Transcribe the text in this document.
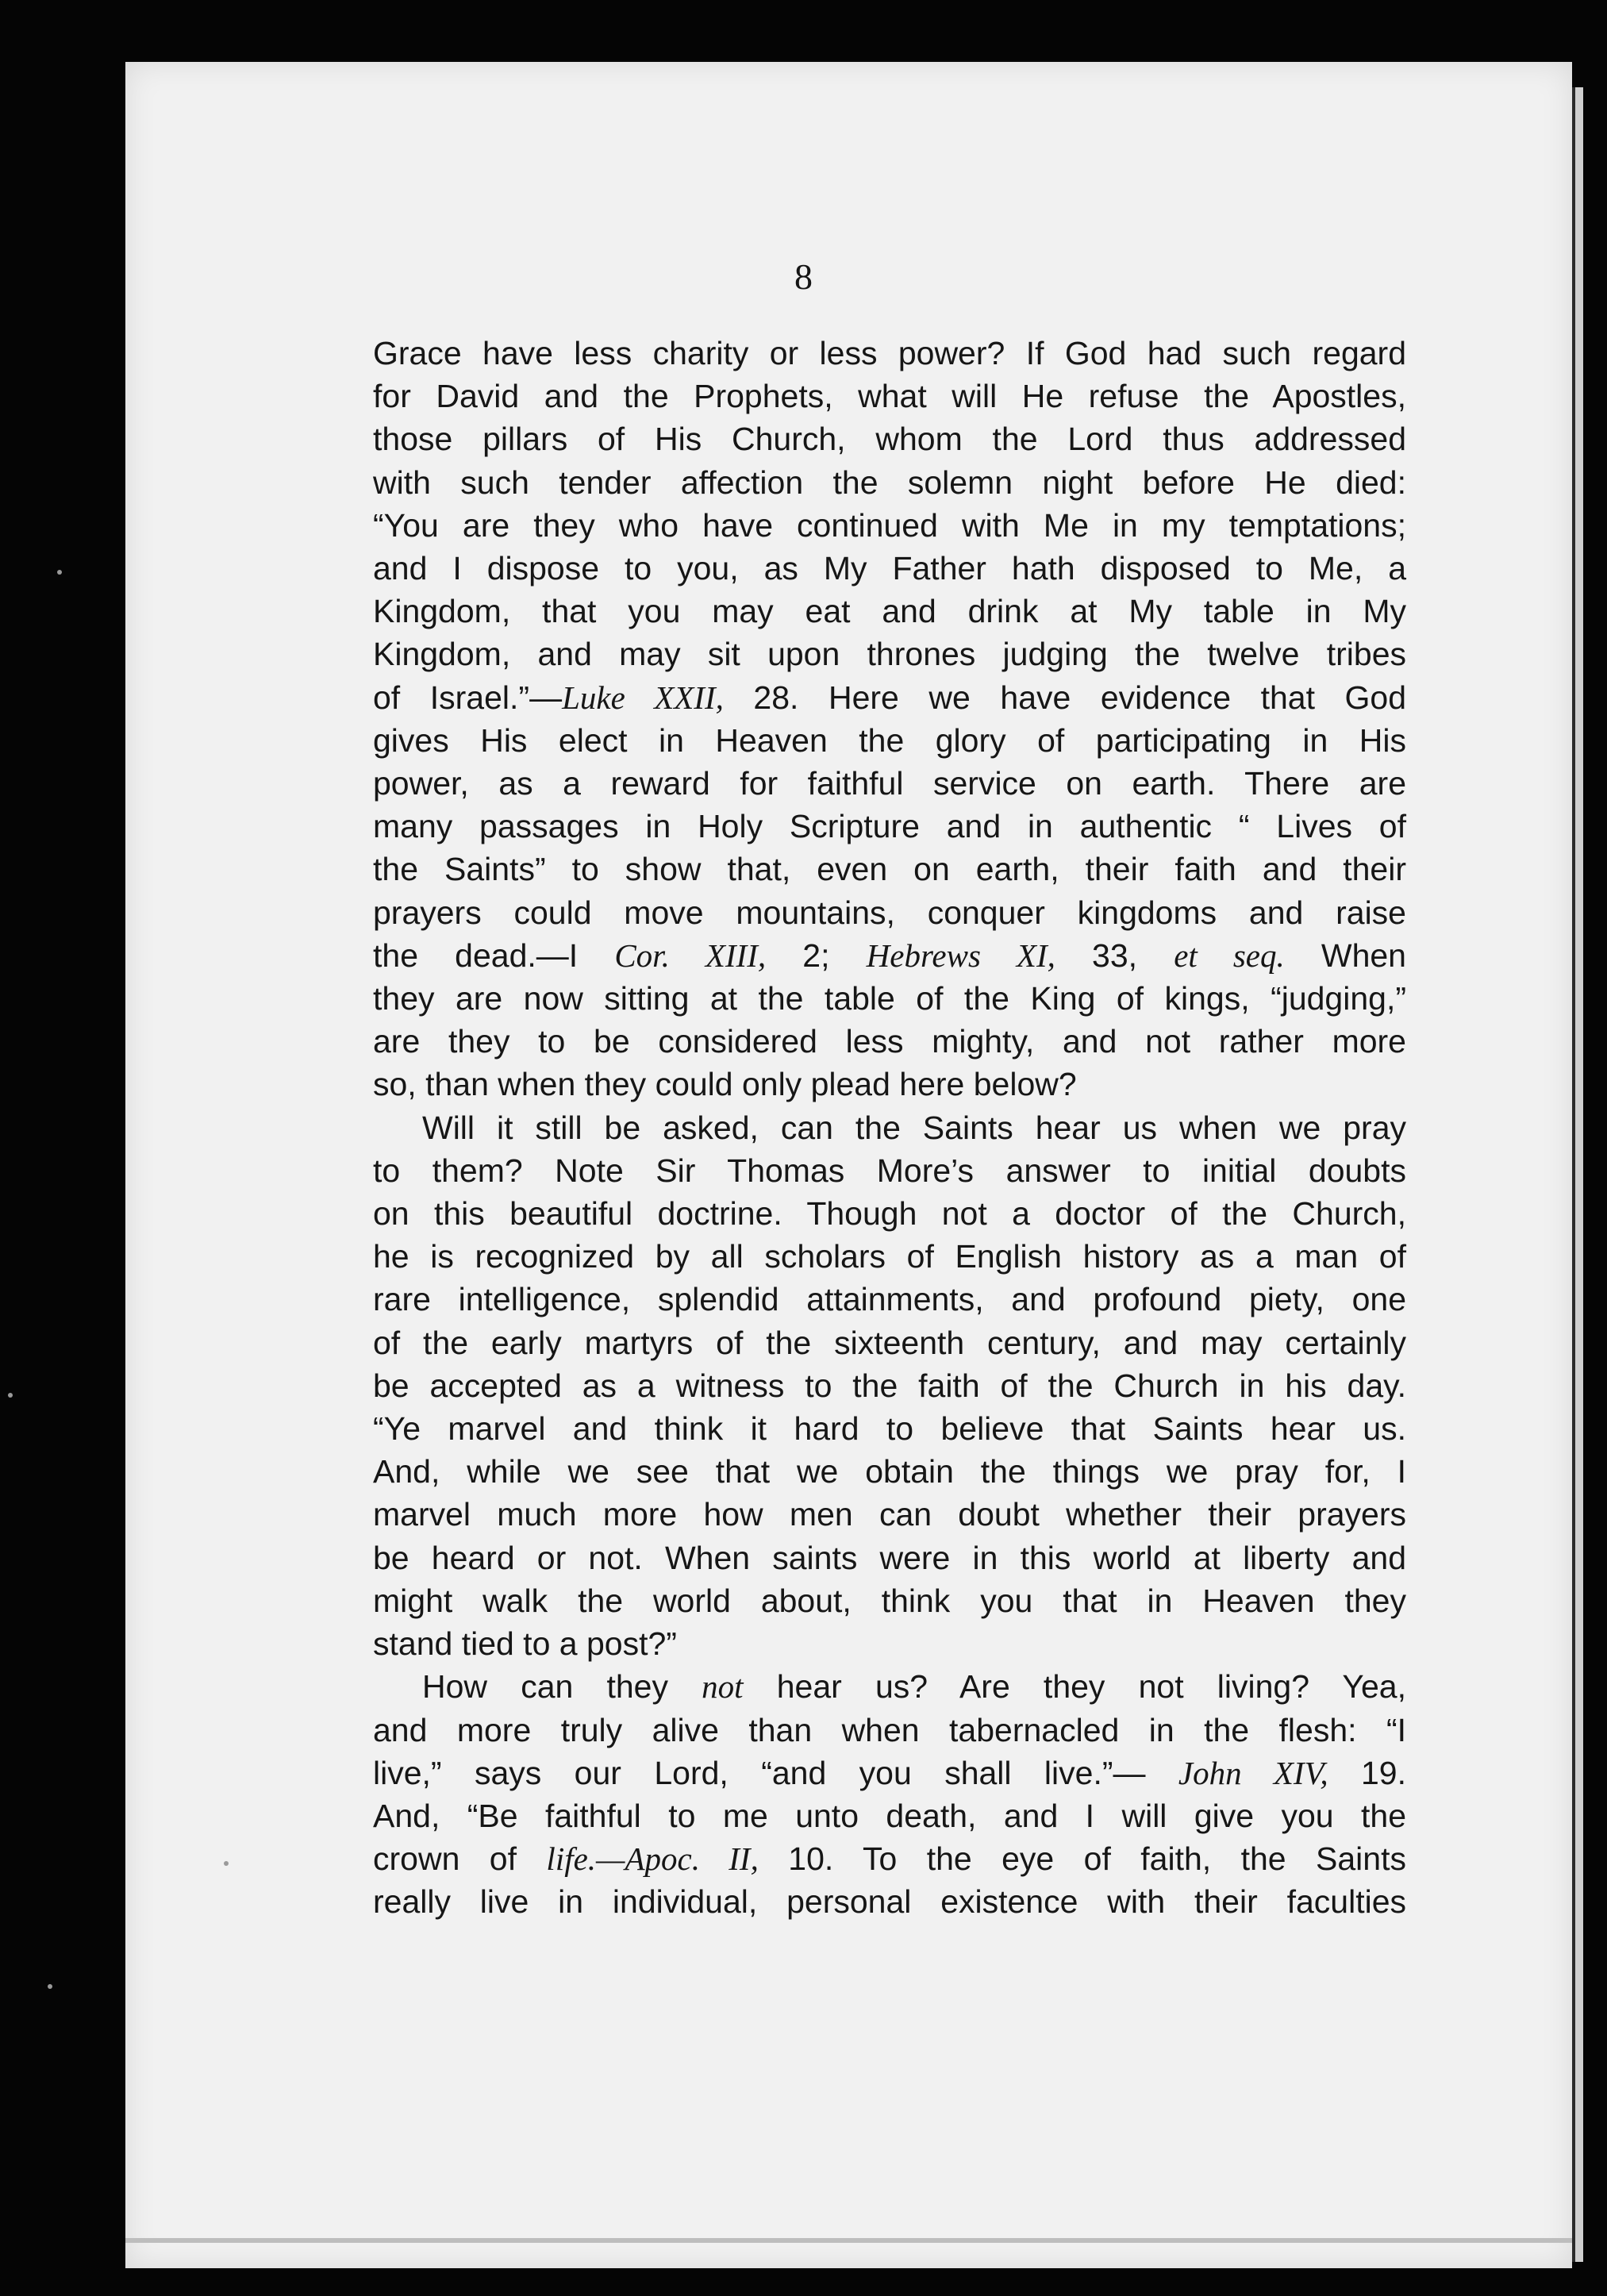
8
Grace have less charity or less power? If God had such regard
for David and the Prophets, what will He refuse the Apostles,
those pillars of His Church, whom the Lord thus addressed
with such tender affection the solemn night before He died:
“You are they who have continued with Me in my temptations;
and I dispose to you, as My Father hath disposed to Me, a
Kingdom, that you may eat and drink at My table in My
Kingdom, and may sit upon thrones judging the twelve tribes
of Israel.”—Luke XXII, 28. Here we have evidence that God
gives His elect in Heaven the glory of participating in His
power, as a reward for faithful service on earth. There are
many passages in Holy Scripture and in authentic “ Lives of
the Saints” to show that, even on earth, their faith and their
prayers could move mountains, conquer kingdoms and raise
the dead.—I Cor. XIII, 2; Hebrews XI, 33, et seq. When
they are now sitting at the table of the King of kings, “judging,”
are they to be considered less mighty, and not rather more
so, than when they could only plead here below?
Will it still be asked, can the Saints hear us when we pray
to them? Note Sir Thomas More’s answer to initial doubts
on this beautiful doctrine. Though not a doctor of the Church,
he is recognized by all scholars of English history as a man of
rare intelligence, splendid attainments, and profound piety, one
of the early martyrs of the sixteenth century, and may certainly
be accepted as a witness to the faith of the Church in his day.
“Ye marvel and think it hard to believe that Saints hear us.
And, while we see that we obtain the things we pray for, I
marvel much more how men can doubt whether their prayers
be heard or not. When saints were in this world at liberty and
might walk the world about, think you that in Heaven they
stand tied to a post?”
How can they not hear us? Are they not living? Yea,
and more truly alive than when tabernacled in the flesh: “I
live,” says our Lord, “and you shall live.”— John XIV, 19.
And, “Be faithful to me unto death, and I will give you the
crown of life.—Apoc. II, 10. To the eye of faith, the Saints
really live in individual, personal existence with their faculties
